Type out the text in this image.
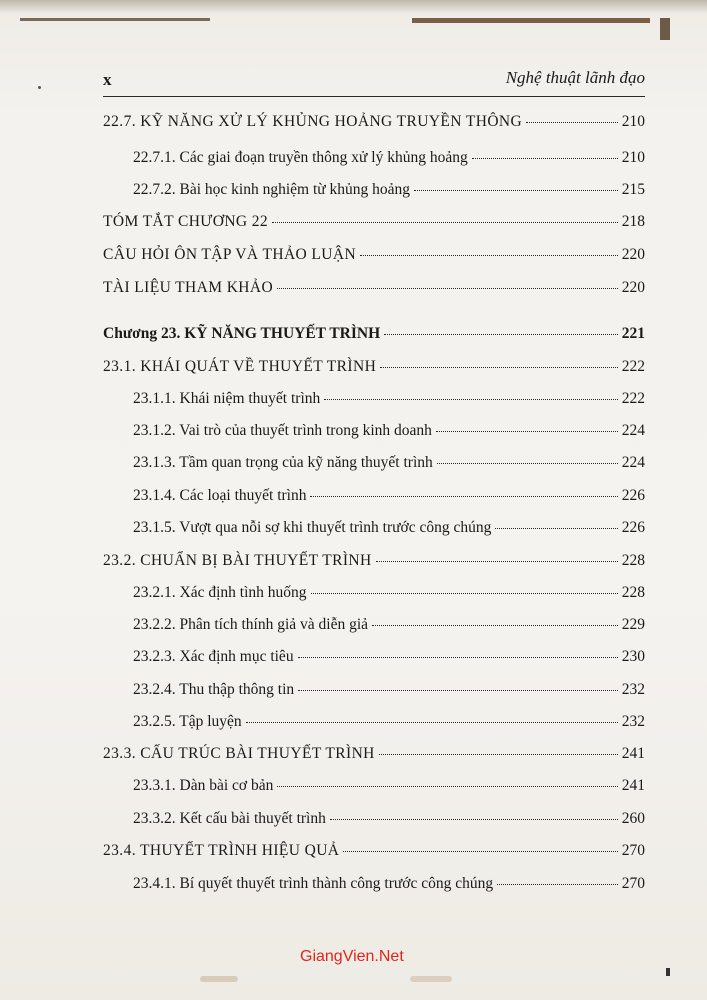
x	Nghệ thuật lãnh đạo
22.7. KỸ NĂNG XỬ LÝ KHỦNG HOẢNG TRUYỀN THÔNG	210
22.7.1. Các giai đoạn truyền thông xử lý khủng hoảng	210
22.7.2. Bài học kinh nghiệm từ khủng hoảng	215
TÓM TẮT CHƯƠNG 22	218
CÂU HỎI ÔN TẬP VÀ THẢO LUẬN	220
TÀI LIỆU THAM KHẢO	220
Chương 23. KỸ NĂNG THUYẾT TRÌNH	221
23.1. KHÁI QUÁT VỀ THUYẾT TRÌNH	222
23.1.1. Khái niệm thuyết trình	222
23.1.2. Vai trò của thuyết trình trong kinh doanh	224
23.1.3. Tầm quan trọng của kỹ năng thuyết trình	224
23.1.4. Các loại thuyết trình	226
23.1.5. Vượt qua nỗi sợ khi thuyết trình trước công chúng	226
23.2. CHUẨN BỊ BÀI THUYẾT TRÌNH	228
23.2.1. Xác định tình huống	228
23.2.2. Phân tích thính giả và diễn giả	229
23.2.3. Xác định mục tiêu	230
23.2.4. Thu thập thông tin	232
23.2.5. Tập luyện	232
23.3. CẤU TRÚC BÀI THUYẾT TRÌNH	241
23.3.1. Dàn bài cơ bản	241
23.3.2. Kết cấu bài thuyết trình	260
23.4. THUYẾT TRÌNH HIỆU QUẢ	270
23.4.1. Bí quyết thuyết trình thành công trước công chúng	270
GiangVien.Net
